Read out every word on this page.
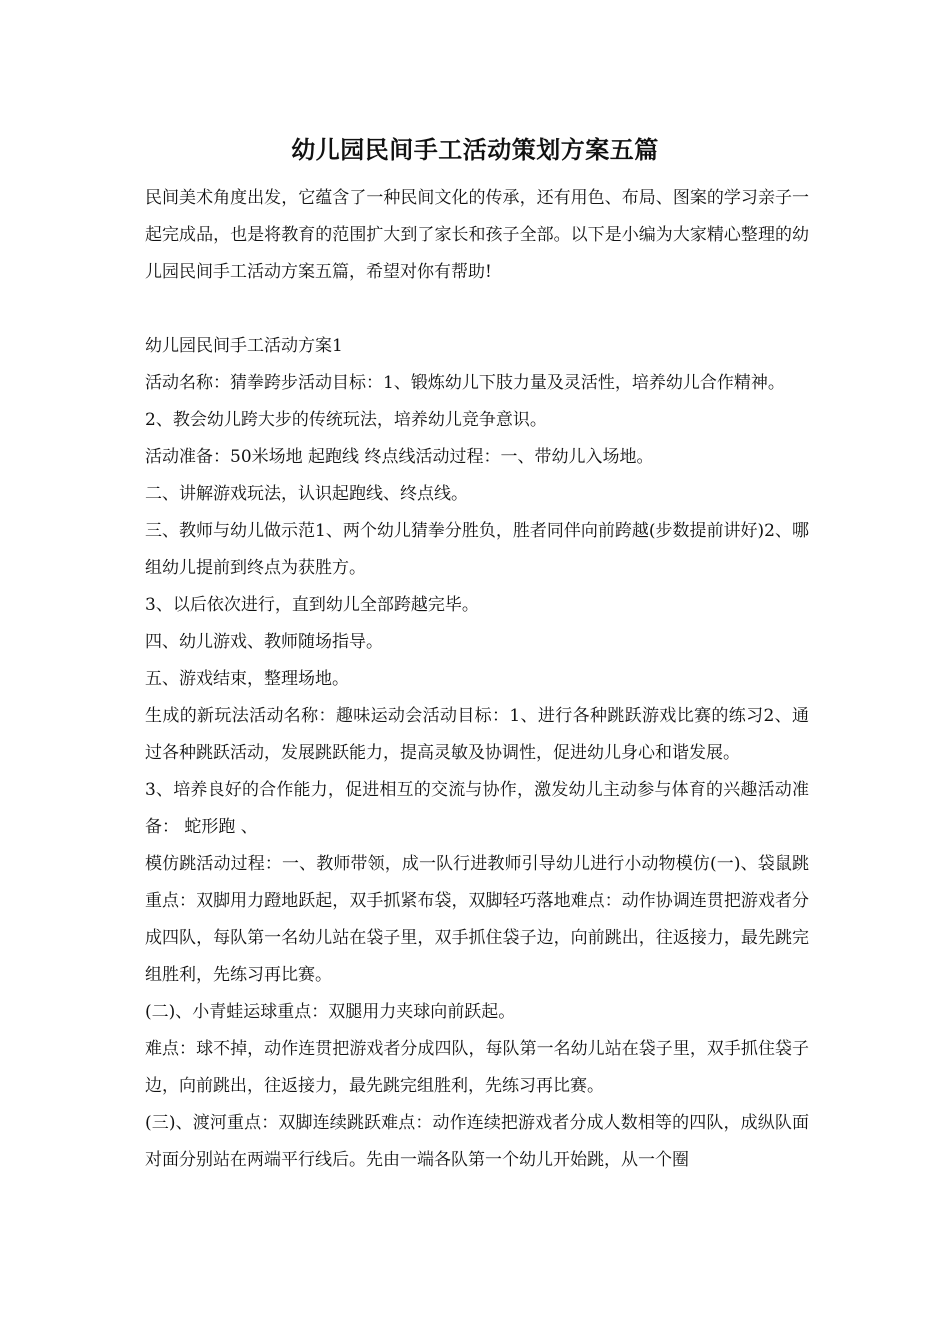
幼儿园民间手工活动策划方案五篇

民间美术角度出发，它蕴含了一种民间文化的传承，还有用色、布局、图案的学习亲子一起完成品，也是将教育的范围扩大到了家长和孩子全部。以下是小编为大家精心整理的幼儿园民间手工活动方案五篇，希望对你有帮助!

幼儿园民间手工活动方案1

活动名称：猜拳跨步活动目标：1、锻炼幼儿下肢力量及灵活性，培养幼儿合作精神。

2、教会幼儿跨大步的传统玩法，培养幼儿竞争意识。

活动准备：50米场地 起跑线 终点线活动过程：一、带幼儿入场地。

二、讲解游戏玩法，认识起跑线、终点线。

三、教师与幼儿做示范1、两个幼儿猜拳分胜负，胜者同伴向前跨越(步数提前讲好)2、哪组幼儿提前到终点为获胜方。

3、以后依次进行，直到幼儿全部跨越完毕。

四、幼儿游戏、教师随场指导。

五、游戏结束，整理场地。

生成的新玩法活动名称：趣味运动会活动目标：1、进行各种跳跃游戏比赛的练习2、通过各种跳跃活动，发展跳跃能力，提高灵敏及协调性，促进幼儿身心和谐发展。

3、培养良好的合作能力，促进相互的交流与协作，激发幼儿主动参与体育的兴趣活动准备： 蛇形跑 、

模仿跳活动过程：一、教师带领，成一队行进教师引导幼儿进行小动物模仿(一)、袋鼠跳重点：双脚用力蹬地跃起，双手抓紧布袋，双脚轻巧落地难点：动作协调连贯把游戏者分成四队，每队第一名幼儿站在袋子里，双手抓住袋子边，向前跳出，往返接力，最先跳完组胜利，先练习再比赛。

(二)、小青蛙运球重点：双腿用力夹球向前跃起。

难点：球不掉，动作连贯把游戏者分成四队，每队第一名幼儿站在袋子里，双手抓住袋子边，向前跳出，往返接力，最先跳完组胜利，先练习再比赛。

(三)、渡河重点：双脚连续跳跃难点：动作连续把游戏者分成人数相等的四队，成纵队面对面分别站在两端平行线后。先由一端各队第一个幼儿开始跳，从一个圈
